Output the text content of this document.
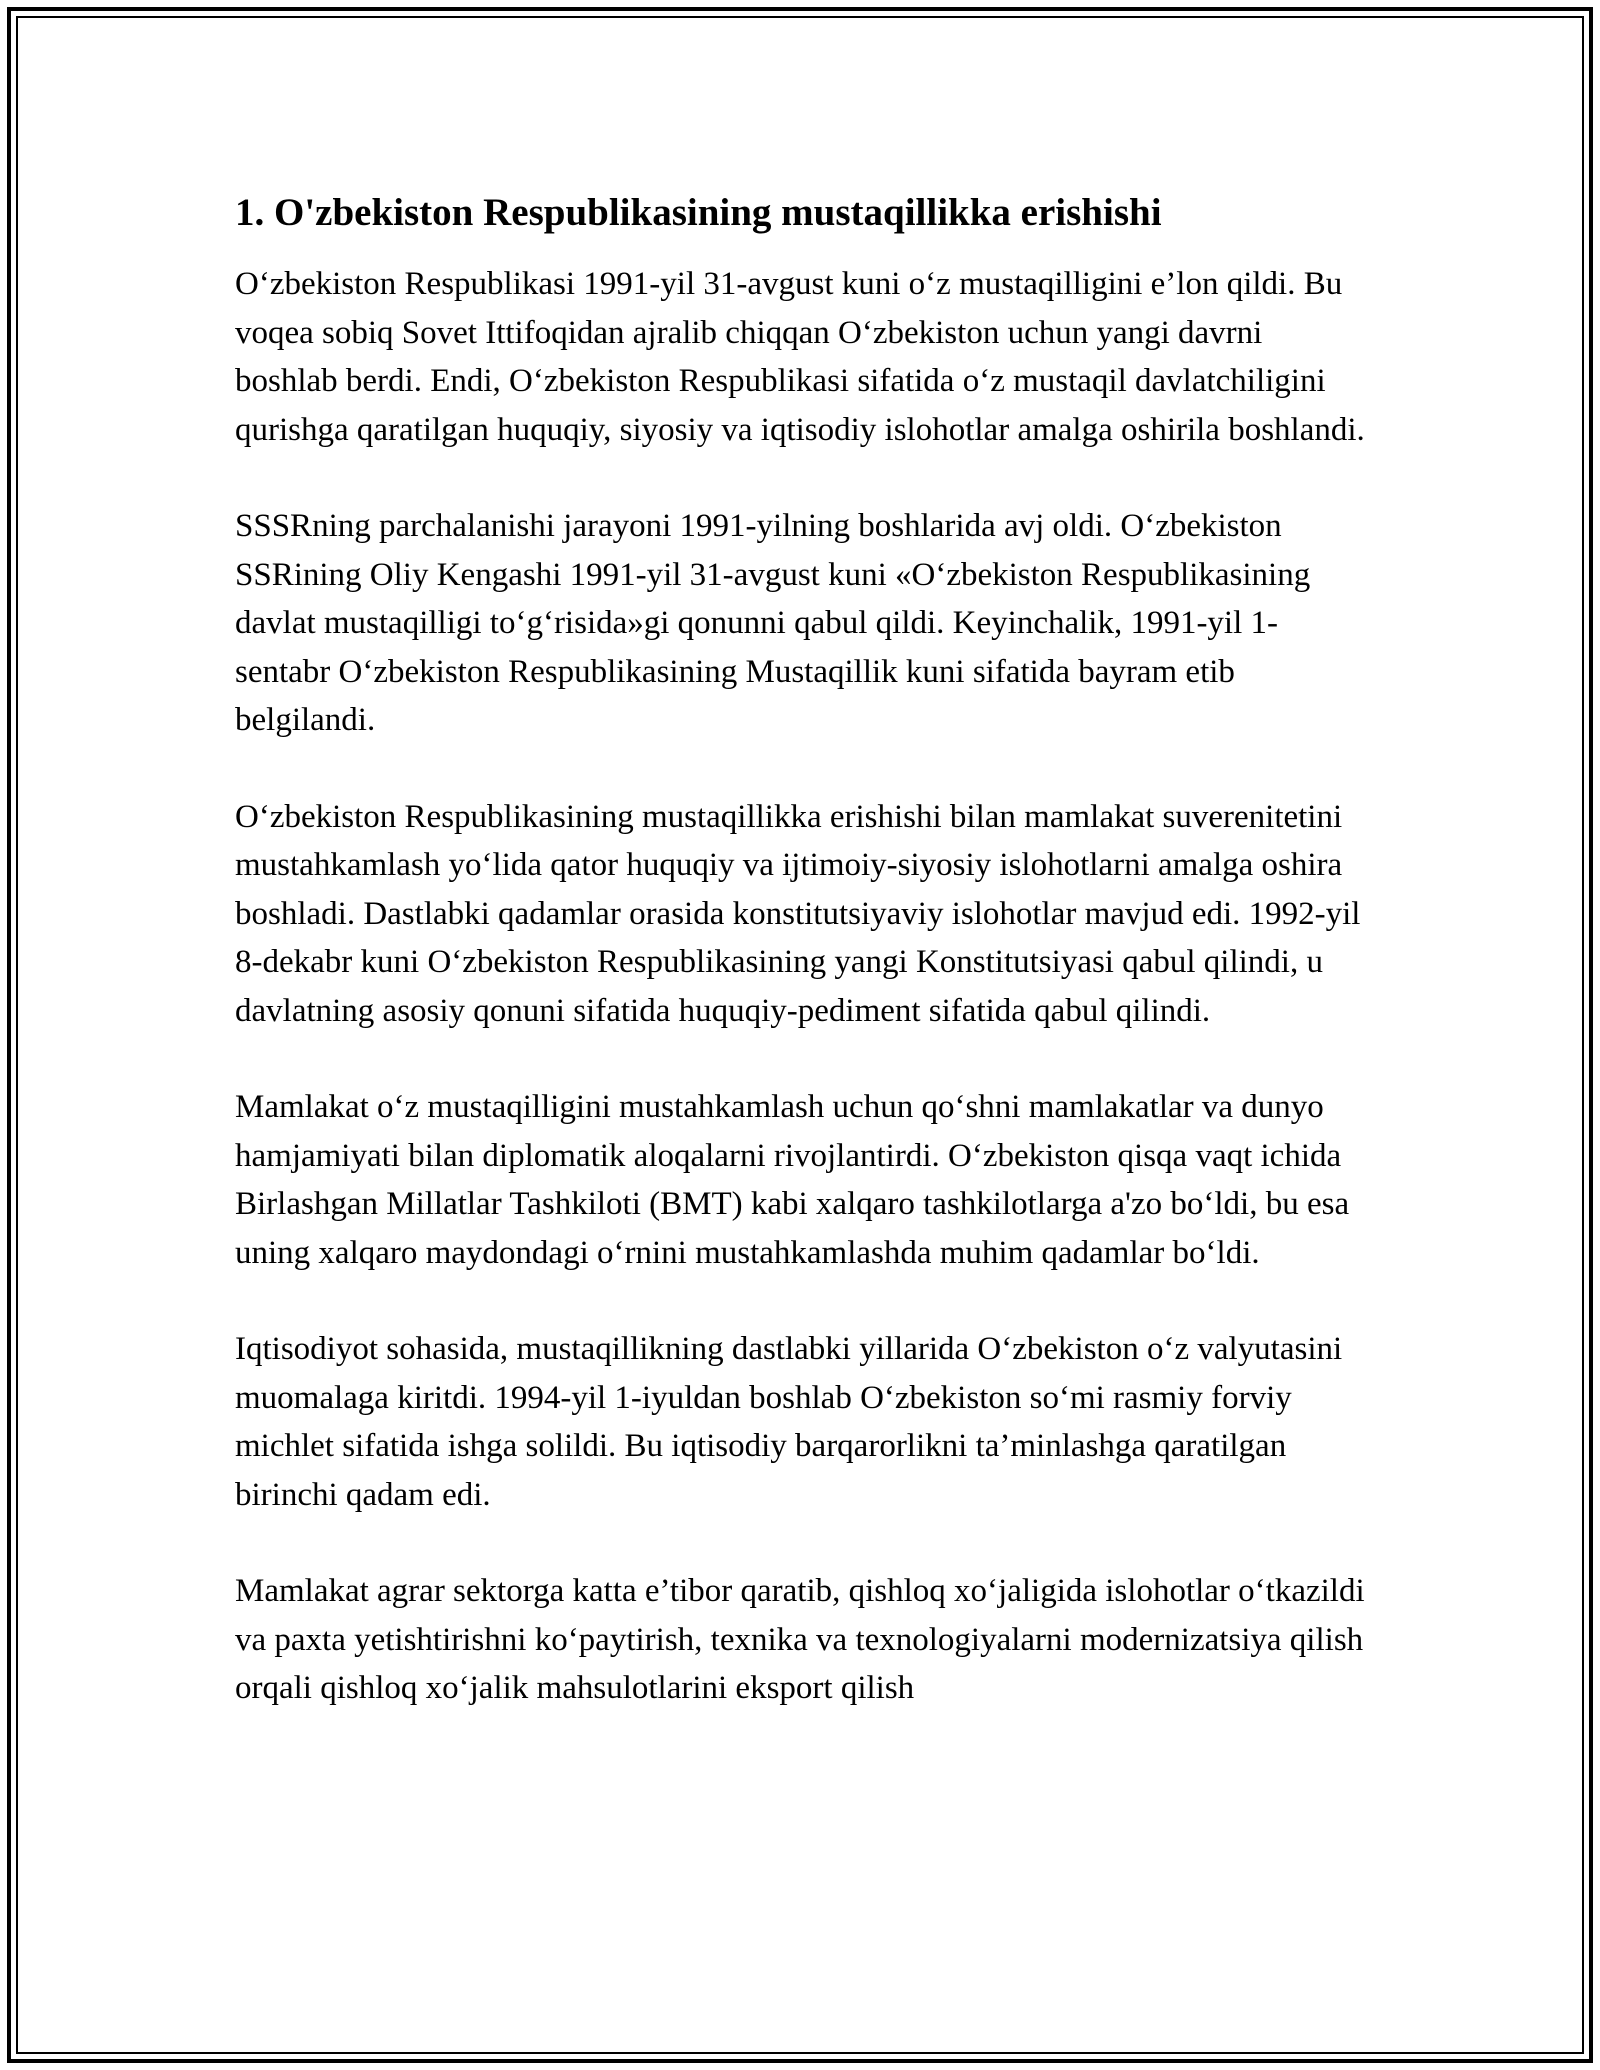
1. O'zbekiston Respublikasining mustaqillikka erishishi

Oʻzbekiston Respublikasi 1991-yil 31-avgust kuni oʻz mustaqilligini e’lon qildi. Bu voqea sobiq Sovet Ittifoqidan ajralib chiqqan Oʻzbekiston uchun yangi davrni boshlab berdi. Endi, Oʻzbekiston Respublikasi sifatida oʻz mustaqil davlatchiligini qurishga qaratilgan huquqiy, siyosiy va iqtisodiy islohotlar amalga oshirila boshlandi.

SSSRning parchalanishi jarayoni 1991-yilning boshlarida avj oldi. Oʻzbekiston SSRining Oliy Kengashi 1991-yil 31-avgust kuni «Oʻzbekiston Respublikasining davlat mustaqilligi toʻgʻrisida»gi qonunni qabul qildi. Keyinchalik, 1991-yil 1-sentabr Oʻzbekiston Respublikasining Mustaqillik kuni sifatida bayram etib belgilandi.

Oʻzbekiston Respublikasining mustaqillikka erishishi bilan mamlakat suverenitetini mustahkamlash yoʻlida qator huquqiy va ijtimoiy-siyosiy islohotlarni amalga oshira boshladi. Dastlabki qadamlar orasida konstitutsiyaviy islohotlar mavjud edi. 1992-yil 8-dekabr kuni Oʻzbekiston Respublikasining yangi Konstitutsiyasi qabul qilindi, u davlatning asosiy qonuni sifatida huquqiy-pediment sifatida qabul qilindi.

Mamlakat oʻz mustaqilligini mustahkamlash uchun qoʻshni mamlakatlar va dunyo hamjamiyati bilan diplomatik aloqalarni rivojlantirdi. Oʻzbekiston qisqa vaqt ichida Birlashgan Millatlar Tashkiloti (BMT) kabi xalqaro tashkilotlarga a'zo boʻldi, bu esa uning xalqaro maydondagi oʻrnini mustahkamlashda muhim qadamlar boʻldi.

Iqtisodiyot sohasida, mustaqillikning dastlabki yillarida Oʻzbekiston oʻz valyutasini muomalaga kiritdi. 1994-yil 1-iyuldan boshlab Oʻzbekiston soʻmi rasmiy forviy michlet sifatida ishga solildi. Bu iqtisodiy barqarorlikni ta’minlashga qaratilgan birinchi qadam edi.

Mamlakat agrar sektorga katta e’tibor qaratib, qishloq xoʻjaligida islohotlar oʻtkazildi va paxta yetishtirishni koʻpaytirish, texnika va texnologiyalarni modernizatsiya qilish orqali qishloq xoʻjalik mahsulotlarini eksport qilish
